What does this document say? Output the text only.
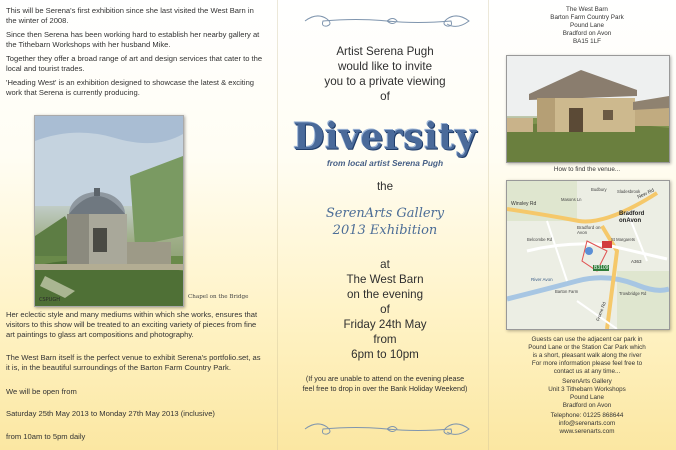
This will be Serena's first exhibition since she last visited the West Barn in the winter of 2008.

Since then Serena has been working hard to establish her nearby gallery at the Tithebarn Workshops with her husband Mike.

Together they offer a broad range of art and design services that cater to the local and tourist trades.

'Heading West' is an exhibition designed to showcase the latest & exciting work that Serena is currently producing.

CSPUGH	Chapel on the Bridge

Her eclectic style and many mediums within which she works, ensures that visitors to this show will be treated to an exciting variety of pieces from fine art paintings to glass art compositions and photography.

The West Barn itself is the perfect venue to exhibit Serena's portfolio.set, as it is, in the beautiful surroundings of the Barton Farm Country Park.

We will be open from

Saturday 25th May 2013 to Monday 27th May 2013 (inclusive)

from 10am to 5pm daily

Artist Serena Pugh
would like to invite
you to a private viewing
of
Diversity
from local artist Serena Pugh
the
SerenArts Gallery
2013 Exhibition
at
The West Barn
on the evening
of
Friday 24th May
from
6pm to 10pm
(If you are unable to attend on the evening please feel free to drop in over the Bank Holiday Weekend)
The West Barn
Barton Farm Country Park
Pound Lane
Bradford on Avon
BA15 1LF
How to find the venue...
Guests can use the adjacent car park in
Pound Lane or the Station Car Park which
is a short, pleasant walk along the river
For more information please feel free to
contact us at any time...
SerenArts Gallery
Unit 3 Tithebarn Workshops
Pound Lane
Bradford on Avon
Telephone: 01225 868644
info@serenarts.com
www.serenarts.com
New Rd
Winsley Rd
Bradford onAvon
Bradford on Avon
Frome Rd
River Avon
B3109
A363
Sladesbrook
Masons Ln
St Margarets
Belcombe Rd
Trowbridge Rd
Barton Farm
Budbury
